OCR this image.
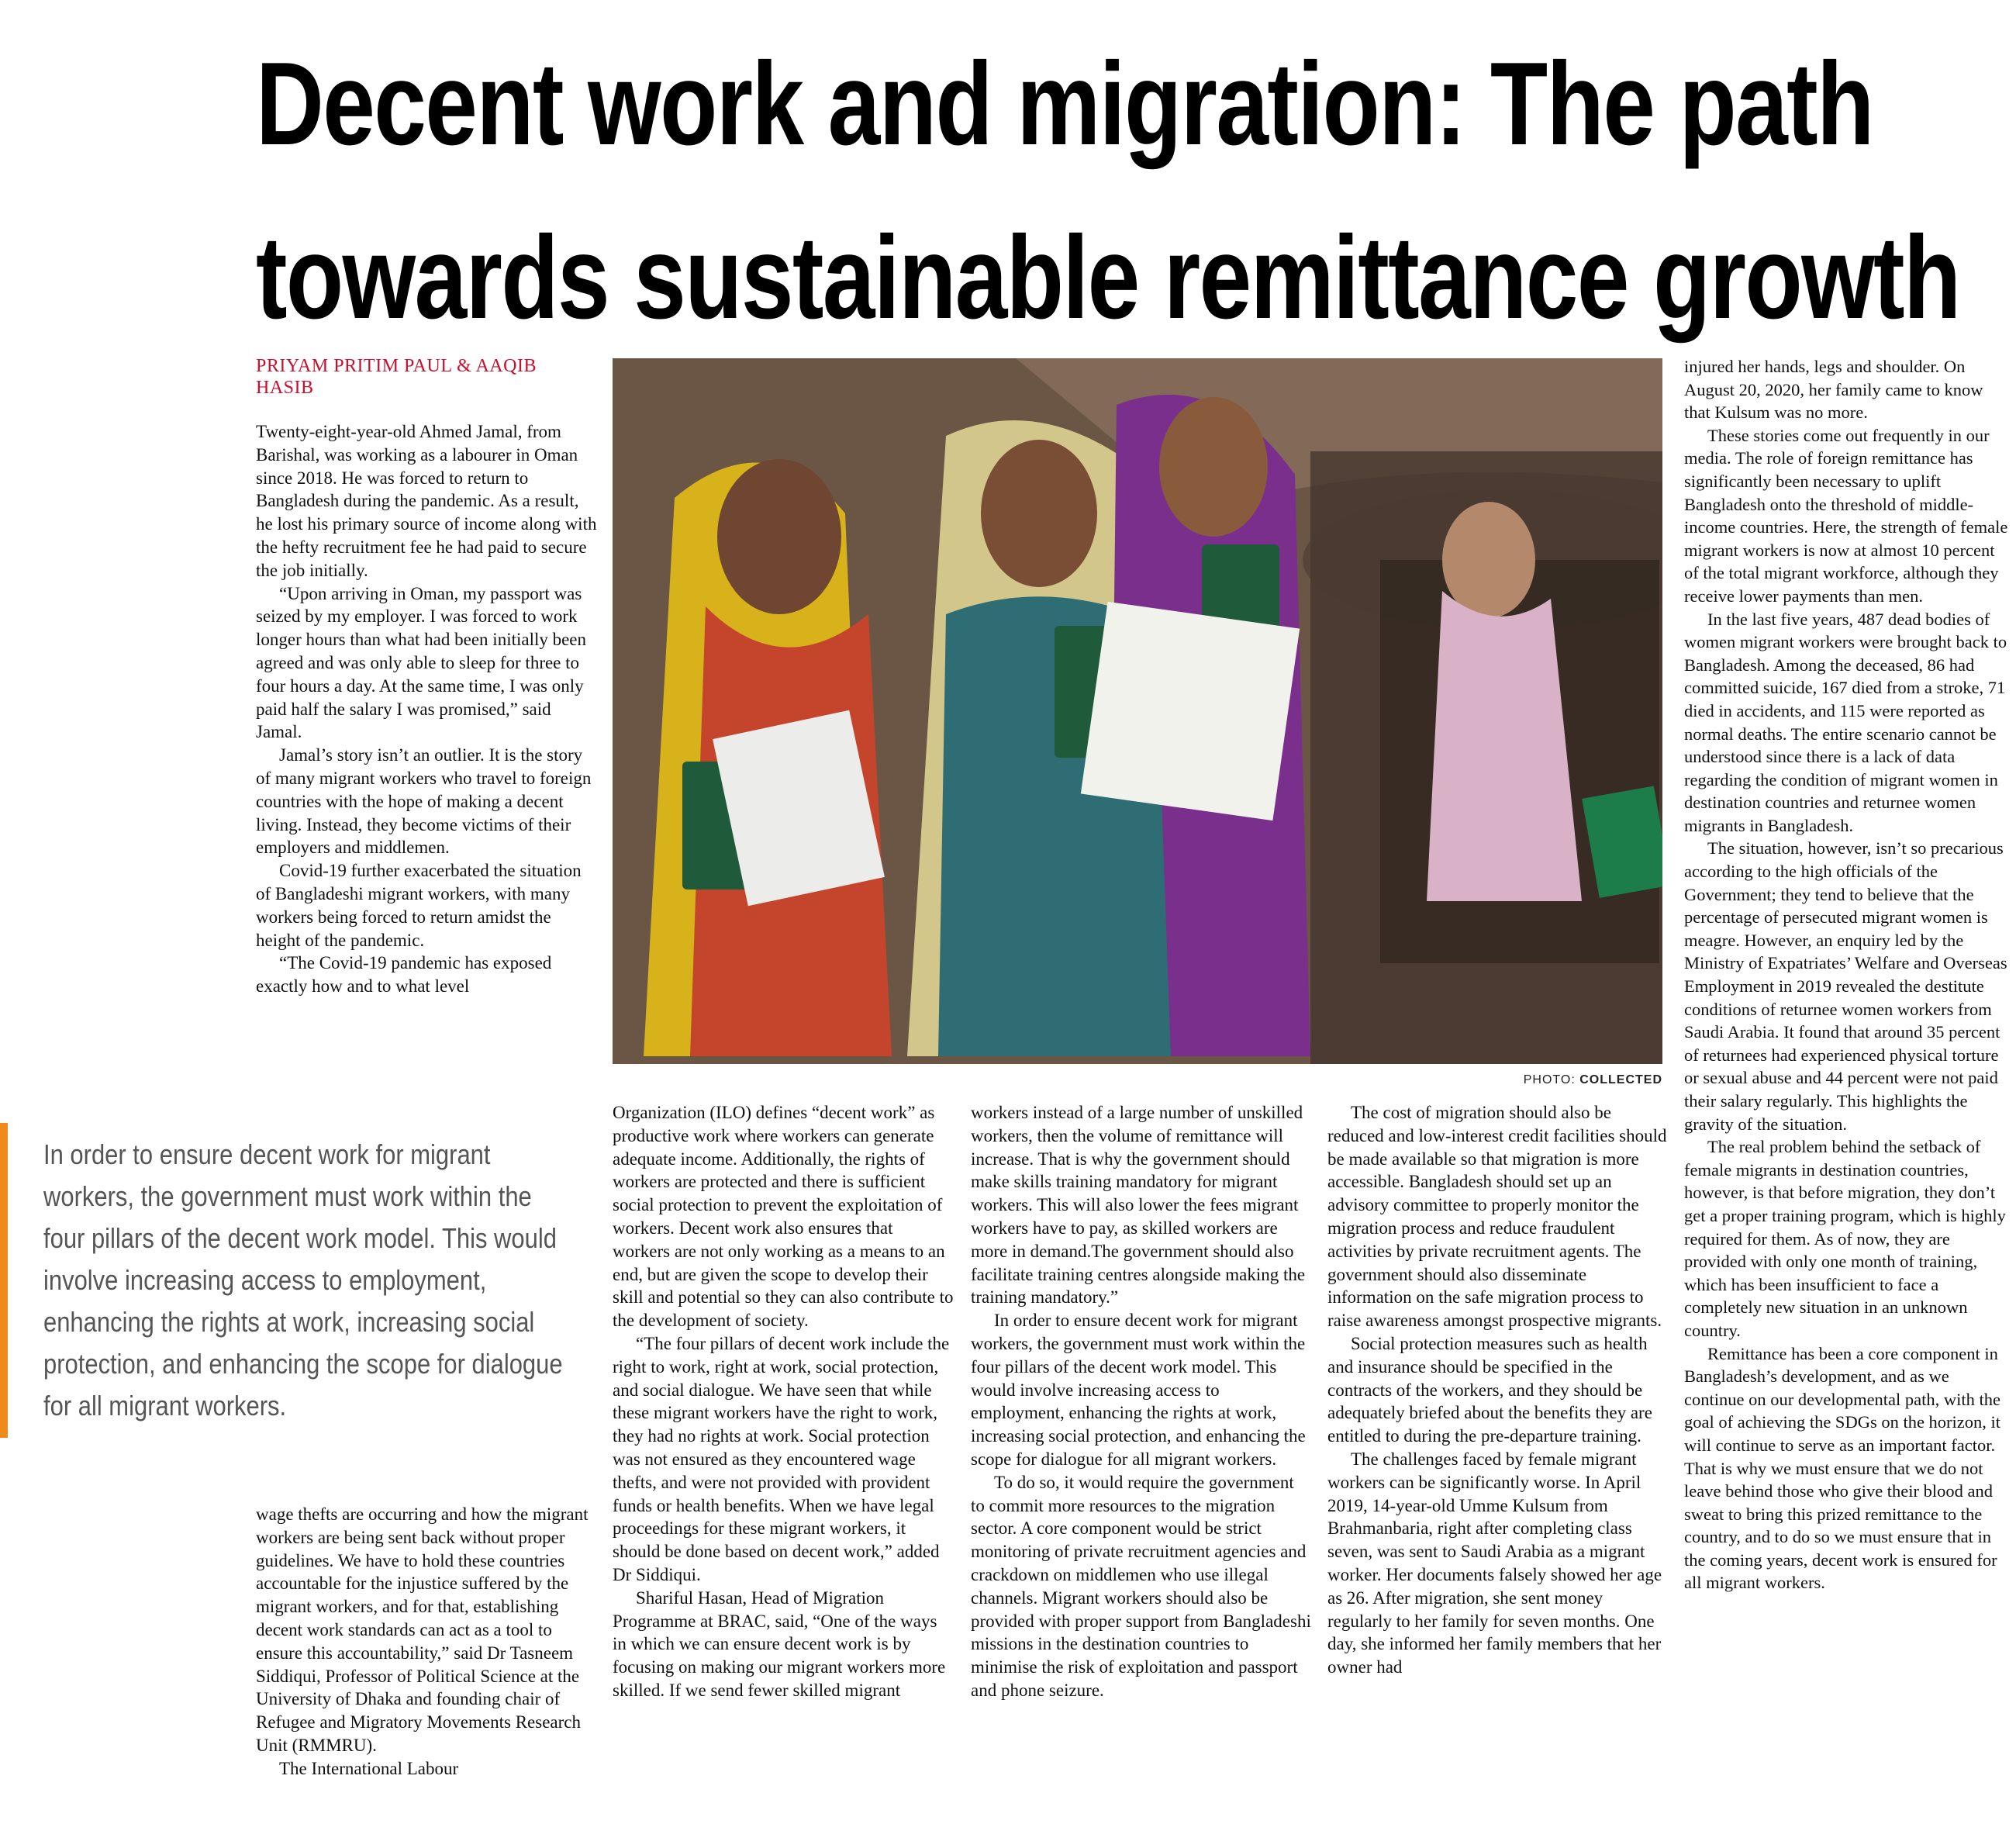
Decent work and migration: The path
towards sustainable remittance growth
PRIYAM PRITIM PAUL & AAQIB HASIB

Twenty-eight-year-old Ahmed Jamal, from Barishal, was working as a labourer in Oman since 2018. He was forced to return to Bangladesh during the pandemic. As a result, he lost his primary source of income along with the hefty recruitment fee he had paid to secure the job initially.

“Upon arriving in Oman, my passport was seized by my employer. I was forced to work longer hours than what had been initially been agreed and was only able to sleep for three to four hours a day. At the same time, I was only paid half the salary I was promised,” said Jamal.

Jamal’s story isn’t an outlier. It is the story of many migrant workers who travel to foreign countries with the hope of making a decent living. Instead, they become victims of their employers and middlemen.

Covid-19 further exacerbated the situation of Bangladeshi migrant workers, with many workers being forced to return amidst the height of the pandemic.

“The Covid-19 pandemic has exposed exactly how and to what level

PHOTO: COLLECTED

In order to ensure decent work for migrant workers, the government must work within the four pillars of the decent work model. This would involve increasing access to employment, enhancing the rights at work, increasing social protection, and enhancing the scope for dialogue for all migrant workers.

wage thefts are occurring and how the migrant workers are being sent back without proper guidelines. We have to hold these countries accountable for the injustice suffered by the migrant workers, and for that, establishing decent work standards can act as a tool to ensure this accountability,” said Dr Tasneem Siddiqui, Professor of Political Science at the University of Dhaka and founding chair of Refugee and Migratory Movements Research Unit (RMMRU).

The International Labour

Organization (ILO) defines “decent work” as productive work where workers can generate adequate income. Additionally, the rights of workers are protected and there is sufficient social protection to prevent the exploitation of workers. Decent work also ensures that workers are not only working as a means to an end, but are given the scope to develop their skill and potential so they can also contribute to the development of society.

“The four pillars of decent work include the right to work, right at work, social protection, and social dialogue. We have seen that while these migrant workers have the right to work, they had no rights at work. Social protection was not ensured as they encountered wage thefts, and were not provided with provident funds or health benefits. When we have legal proceedings for these migrant workers, it should be done based on decent work,” added Dr Siddiqui.

Shariful Hasan, Head of Migration Programme at BRAC, said, “One of the ways in which we can ensure decent work is by focusing on making our migrant workers more skilled. If we send fewer skilled migrant

workers instead of a large number of unskilled workers, then the volume of remittance will increase. That is why the government should make skills training mandatory for migrant workers. This will also lower the fees migrant workers have to pay, as skilled workers are more in demand.The government should also facilitate training centres alongside making the training mandatory.”

In order to ensure decent work for migrant workers, the government must work within the four pillars of the decent work model. This would involve increasing access to employment, enhancing the rights at work, increasing social protection, and enhancing the scope for dialogue for all migrant workers.

To do so, it would require the government to commit more resources to the migration sector. A core component would be strict monitoring of private recruitment agencies and crackdown on middlemen who use illegal channels. Migrant workers should also be provided with proper support from Bangladeshi missions in the destination countries to minimise the risk of exploitation and passport and phone seizure.

The cost of migration should also be reduced and low-interest credit facilities should be made available so that migration is more accessible. Bangladesh should set up an advisory committee to properly monitor the migration process and reduce fraudulent activities by private recruitment agents. The government should also disseminate information on the safe migration process to raise awareness amongst prospective migrants.

Social protection measures such as health and insurance should be specified in the contracts of the workers, and they should be adequately briefed about the benefits they are entitled to during the pre-departure training.

The challenges faced by female migrant workers can be significantly worse. In April 2019, 14-year-old Umme Kulsum from Brahmanbaria, right after completing class seven, was sent to Saudi Arabia as a migrant worker. Her documents falsely showed her age as 26. After migration, she sent money regularly to her family for seven months. One day, she informed her family members that her owner had

injured her hands, legs and shoulder. On August 20, 2020, her family came to know that Kulsum was no more.

These stories come out frequently in our media. The role of foreign remittance has significantly been necessary to uplift Bangladesh onto the threshold of middle-income countries. Here, the strength of female migrant workers is now at almost 10 percent of the total migrant workforce, although they receive lower payments than men.

In the last five years, 487 dead bodies of women migrant workers were brought back to Bangladesh. Among the deceased, 86 had committed suicide, 167 died from a stroke, 71 died in accidents, and 115 were reported as normal deaths. The entire scenario cannot be understood since there is a lack of data regarding the condition of migrant women in destination countries and returnee women migrants in Bangladesh.

The situation, however, isn’t so precarious according to the high officials of the Government; they tend to believe that the percentage of persecuted migrant women is meagre. However, an enquiry led by the Ministry of Expatriates’ Welfare and Overseas Employment in 2019 revealed the destitute conditions of returnee women workers from Saudi Arabia. It found that around 35 percent of returnees had experienced physical torture or sexual abuse and 44 percent were not paid their salary regularly. This highlights the gravity of the situation.

The real problem behind the setback of female migrants in destination countries, however, is that before migration, they don’t get a proper training program, which is highly required for them. As of now, they are provided with only one month of training, which has been insufficient to face a completely new situation in an unknown country.

Remittance has been a core component in Bangladesh’s development, and as we continue on our developmental path, with the goal of achieving the SDGs on the horizon, it will continue to serve as an important factor. That is why we must ensure that we do not leave behind those who give their blood and sweat to bring this prized remittance to the country, and to do so we must ensure that in the coming years, decent work is ensured for all migrant workers.
